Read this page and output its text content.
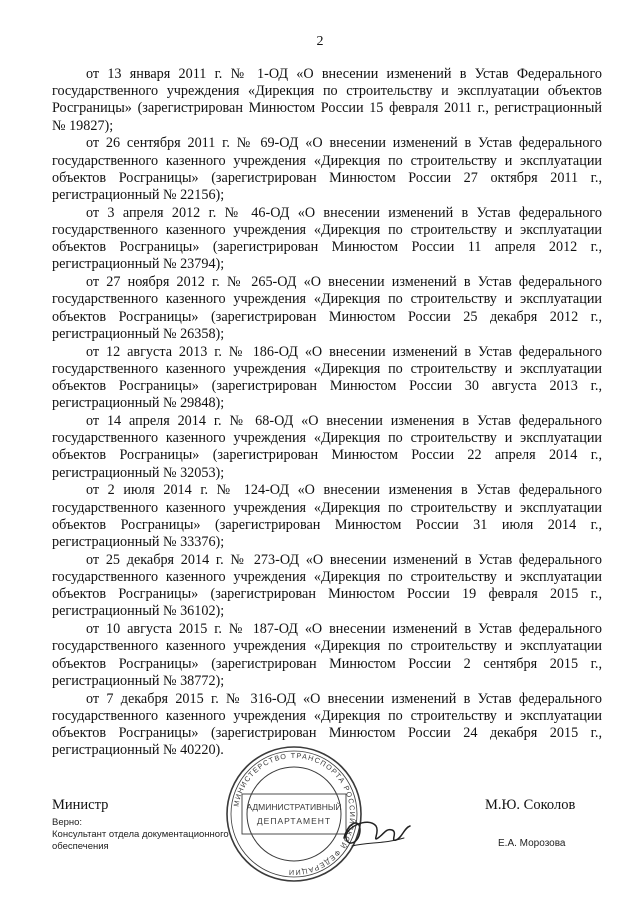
2

от 13 января 2011 г. № 1-ОД «О внесении изменений в Устав Федерального государственного учреждения «Дирекция по строительству и эксплуатации объектов Росграницы» (зарегистрирован Минюстом России 15 февраля 2011 г., регистрационный № 19827);

от 26 сентября 2011 г. № 69-ОД «О внесении изменений в Устав федерального государственного казенного учреждения «Дирекция по строительству и эксплуатации объектов Росграницы» (зарегистрирован Минюстом России 27 октября 2011 г., регистрационный № 22156);

от 3 апреля 2012 г. № 46-ОД «О внесении изменений в Устав федерального государственного казенного учреждения «Дирекция по строительству и эксплуатации объектов Росграницы» (зарегистрирован Минюстом России 11 апреля 2012 г., регистрационный № 23794);

от 27 ноября 2012 г. № 265-ОД «О внесении изменений в Устав федерального государственного казенного учреждения «Дирекция по строительству и эксплуатации объектов Росграницы» (зарегистрирован Минюстом России 25 декабря 2012 г., регистрационный № 26358);

от 12 августа 2013 г. № 186-ОД «О внесении изменений в Устав федерального государственного казенного учреждения «Дирекция по строительству и эксплуатации объектов Росграницы» (зарегистрирован Минюстом России 30 августа 2013 г., регистрационный № 29848);

от 14 апреля 2014 г. № 68-ОД «О внесении изменения в Устав федерального государственного казенного учреждения «Дирекция по строительству и эксплуатации объектов Росграницы» (зарегистрирован Минюстом России 22 апреля 2014 г., регистрационный № 32053);

от 2 июля 2014 г. № 124-ОД «О внесении изменения в Устав федерального государственного казенного учреждения «Дирекция по строительству и эксплуатации объектов Росграницы» (зарегистрирован Минюстом России 31 июля 2014 г., регистрационный № 33376);

от 25 декабря 2014 г. № 273-ОД «О внесении изменений в Устав федерального государственного казенного учреждения «Дирекция по строительству и эксплуатации объектов Росграницы» (зарегистрирован Минюстом России 19 февраля 2015 г., регистрационный № 36102);

от 10 августа 2015 г. № 187-ОД «О внесении изменений в Устав федерального государственного казенного учреждения «Дирекция по строительству и эксплуатации объектов Росграницы» (зарегистрирован Минюстом России 2 сентября 2015 г., регистрационный № 38772);

от 7 декабря 2015 г. № 316-ОД «О внесении изменений в Устав федерального государственного казенного учреждения «Дирекция по строительству и эксплуатации объектов Росграницы» (зарегистрирован Минюстом России 24 декабря 2015 г., регистрационный № 40220).

МИНИСТЕРСТВО ТРАНСПОРТА РОССИЙСКОЙ ФЕДЕРАЦИИ
АДМИНИСТРАТИВНЫЙ
ДЕПАРТАМЕНТ
Министр	М.Ю. Соколов
Верно:
Консультант отдела документационного
обеспечения	Е.А. Морозова
